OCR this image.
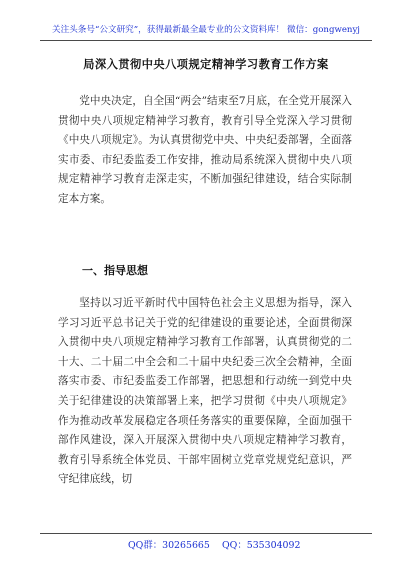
关注头条号“公文研究”，获得最新最全最专业的公文资料库！ 微信：gongwenyj
局深入贯彻中央八项规定精神学习教育工作方案

党中央决定，自全国“两会”结束至7月底，在全党开展深入贯彻中央八项规定精神学习教育，教育引导全党深入学习贯彻《中央八项规定》。为认真贯彻党中央、中央纪委部署，全面落实市委、市纪委监委工作安排，推动局系统深入贯彻中央八项规定精神学习教育走深走实，不断加强纪律建设，结合实际制定本方案。

一、指导思想

坚持以习近平新时代中国特色社会主义思想为指导，深入学习习近平总书记关于党的纪律建设的重要论述，全面贯彻深入贯彻中央八项规定精神学习教育工作部署，认真贯彻党的二十大、二十届二中全会和二十届中央纪委三次全会精神，全面落实市委、市纪委监委工作部署，把思想和行动统一到党中央关于纪律建设的决策部署上来，把学习贯彻《中央八项规定》作为推动改革发展稳定各项任务落实的重要保障，全面加强干部作风建设，深入开展深入贯彻中央八项规定精神学习教育，教育引导系统全体党员、干部牢固树立党章党规党纪意识，严守纪律底线，切

QQ群：30265665 QQ：535304092
